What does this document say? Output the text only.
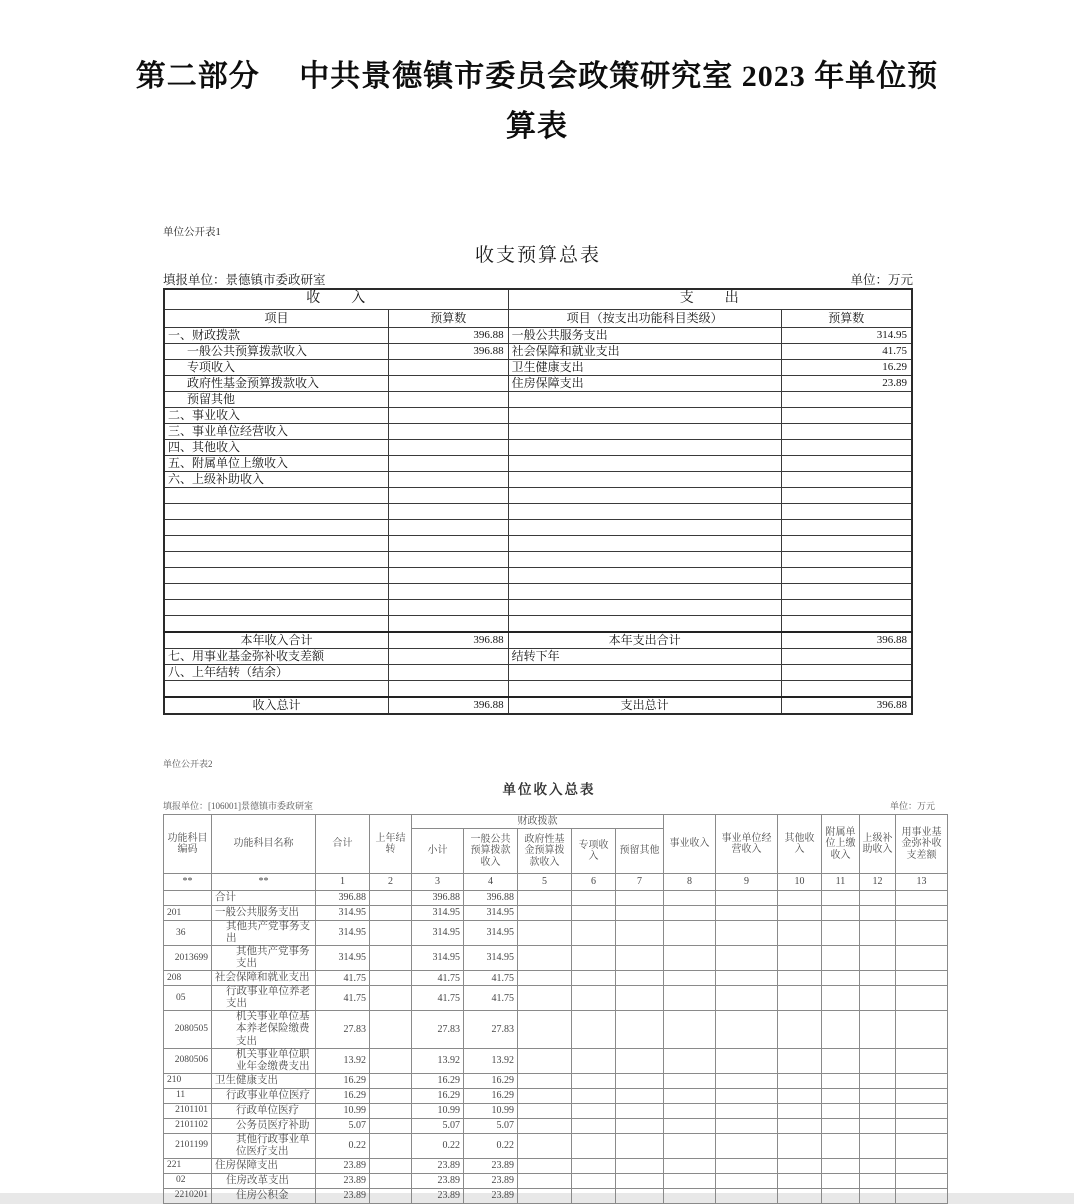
第二部分　 中共景德镇市委员会政策研究室 2023 年单位预
算表
单位公开表1
收支预算总表
填报单位：景德镇市委政研室	单位：万元
收　　入		支　　出	
项目	预算数	项目（按支出功能科目类级）	预算数
一、财政拨款	396.88	一般公共服务支出	314.95
一般公共预算拨款收入	396.88	社会保障和就业支出	41.75
专项收入		卫生健康支出	16.29
政府性基金预算拨款收入		住房保障支出	23.89
预留其他			
二、事业收入			
三、事业单位经营收入			
四、其他收入			
五、附属单位上缴收入			
六、上级补助收入			

本年收入合计	396.88	本年支出合计	396.88
七、用事业基金弥补收支差额		结转下年	
八、上年结转（结余）			

收入总计	396.88	支出总计	396.88
单位公开表2
单位收入总表
填报单位：[106001]景德镇市委政研室	单位：万元
功能科目编码	功能科目名称	合计	上年结转	财政拨款					事业收入	事业单位经营收入	其他收入	附属单位上缴收入	上级补助收入	用事业基金弥补收支差额
				小计	一般公共预算拨款收入	政府性基金预算拨款收入	专项收入	预留其他						
**	**	1	2	3	4	5	6	7	8	9	10	11	12	13
	合计	396.88		396.88	396.88									
201	一般公共服务支出	314.95		314.95	314.95									
36	其他共产党事务支出	314.95		314.95	314.95									
2013699	其他共产党事务支出	314.95		314.95	314.95									
208	社会保障和就业支出	41.75		41.75	41.75									
05	行政事业单位养老支出	41.75		41.75	41.75									
2080505	机关事业单位基本养老保险缴费支出	27.83		27.83	27.83									
2080506	机关事业单位职业年金缴费支出	13.92		13.92	13.92									
210	卫生健康支出	16.29		16.29	16.29									
11	行政事业单位医疗	16.29		16.29	16.29									
2101101	行政单位医疗	10.99		10.99	10.99									
2101102	公务员医疗补助	5.07		5.07	5.07									
2101199	其他行政事业单位医疗支出	0.22		0.22	0.22									
221	住房保障支出	23.89		23.89	23.89									
02	住房改革支出	23.89		23.89	23.89									
2210201	住房公积金	23.89		23.89	23.89									
